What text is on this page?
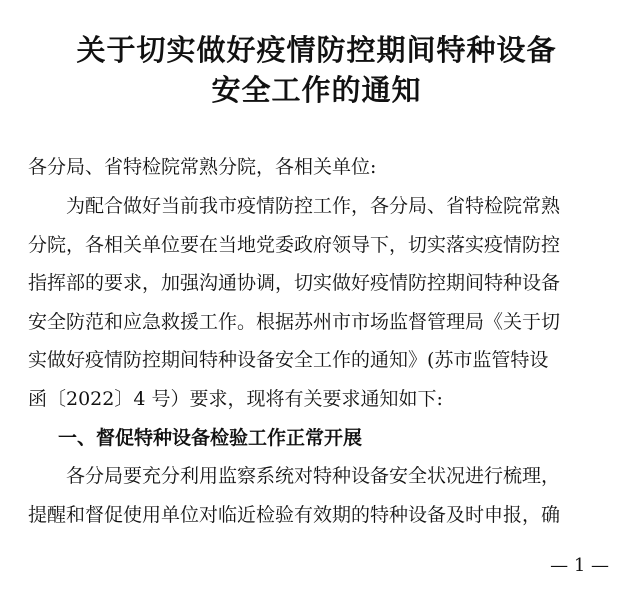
关于切实做好疫情防控期间特种设备
安全工作的通知

各分局、省特检院常熟分院，各相关单位:

　　为配合做好当前我市疫情防控工作，各分局、省特检院常熟

分院，各相关单位要在当地党委政府领导下，切实落实疫情防控

指挥部的要求，加强沟通协调，切实做好疫情防控期间特种设备

安全防范和应急救援工作。根据苏州市市场监督管理局《关于切

实做好疫情防控期间特种设备安全工作的通知》(苏市监管特设

函〔2022〕4 号）要求，现将有关要求通知如下:

一、督促特种设备检验工作正常开展

　　各分局要充分利用监察系统对特种设备安全状况进行梳理，

提醒和督促使用单位对临近检验有效期的特种设备及时申报，确

— 1 —
